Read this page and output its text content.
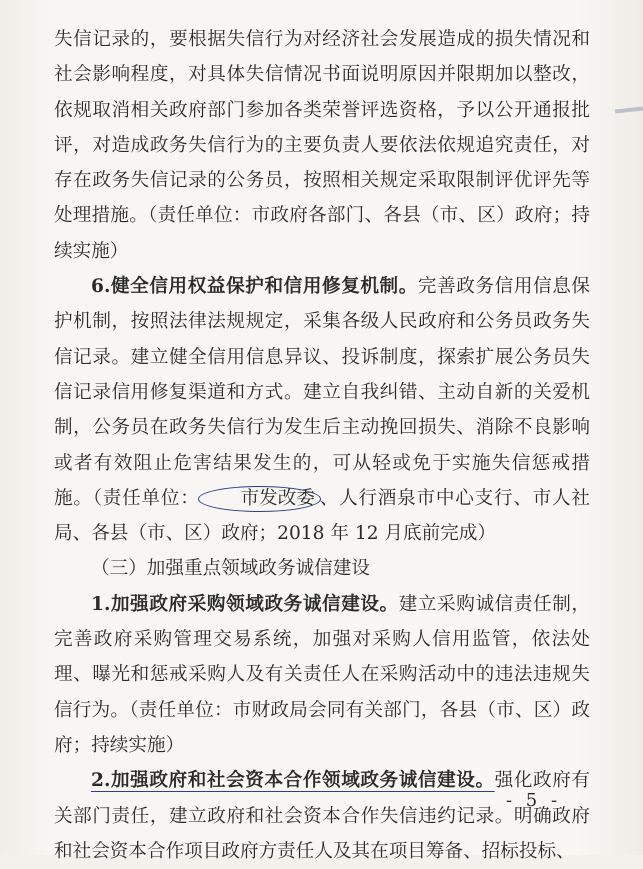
失信记录的，要根据失信行为对经济社会发展造成的损失情况和社会影响程度，对具体失信情况书面说明原因并限期加以整改，依规取消相关政府部门参加各类荣誉评选资格，予以公开通报批评，对造成政务失信行为的主要负责人要依法依规追究责任，对存在政务失信记录的公务员，按照相关规定采取限制评优评先等处理措施。（责任单位：市政府各部门、各县（市、区）政府；持续实施）

6.健全信用权益保护和信用修复机制。完善政务信用信息保护机制，按照法律法规规定，采集各级人民政府和公务员政务失信记录。建立健全信用信息异议、投诉制度，探索扩展公务员失信记录信用修复渠道和方式。建立自我纠错、主动自新的关爱机制，公务员在政务失信行为发生后主动挽回损失、消除不良影响或者有效阻止危害结果发生的，可从轻或免于实施失信惩戒措施。（责任单位： 市发改委 、人行酒泉市中心支行、市人社局、各县（市、区）政府；2018 年 12 月底前完成）

（三）加强重点领域政务诚信建设

1.加强政府采购领域政务诚信建设。建立采购诚信责任制，完善政府采购管理交易系统，加强对采购人信用监管，依法处理、曝光和惩戒采购人及有关责任人在采购活动中的违法违规失信行为。（责任单位：市财政局会同有关部门，各县（市、区）政府；持续实施）

2.加强政府和社会资本合作领域政务诚信建设。强化政府有关部门责任，建立政府和社会资本合作失信违约记录。明确政府和社会资本合作项目政府方责任人及其在项目筹备、招标投标、

- 5 -
